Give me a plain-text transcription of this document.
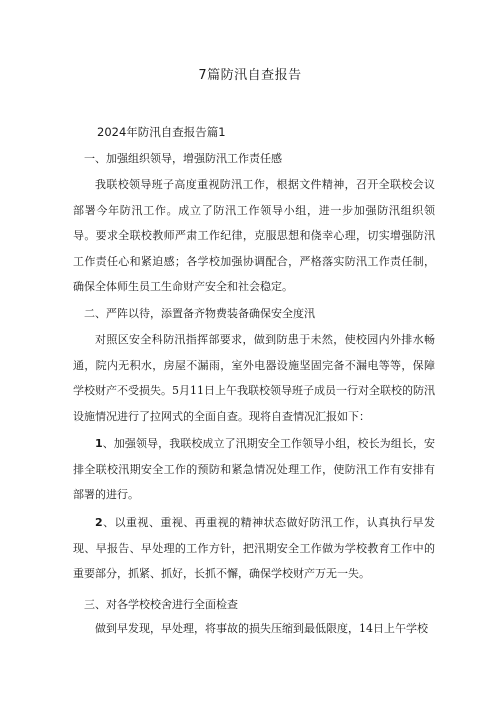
7篇防汛自查报告
2024年防汛自查报告篇1
一、加强组织领导，增强防汛工作责任感

我联校领导班子高度重视防汛工作，根据文件精神，召开全联校会议部署今年防汛工作。成立了防汛工作领导小组，进一步加强防汛组织领导。要求全联校教师严肃工作纪律，克服思想和侥幸心理，切实增强防汛工作责任心和紧迫感；各学校加强协调配合，严格落实防汛工作责任制，确保全体师生员工生命财产安全和社会稳定。

二、严阵以待，添置备齐物费装备确保安全度汛

对照区安全科防汛指挥部要求，做到防患于未然，使校园内外排水畅通，院内无积水，房屋不漏雨，室外电器设施坚固完备不漏电等等，保障学校财产不受损失。5月11日上午我联校领导班子成员一行对全联校的防汛设施情况进行了拉网式的全面自查。现将自查情况汇报如下：

1、加强领导，我联校成立了汛期安全工作领导小组，校长为组长，安排全联校汛期安全工作的预防和紧急情况处理工作，使防汛工作有安排有部署的进行。

2、以重视、重视、再重视的精神状态做好防汛工作，认真执行早发现、早报告、早处理的工作方针，把汛期安全工作做为学校教育工作中的重要部分，抓紧、抓好，长抓不懈，确保学校财产万无一失。

三、对各学校校舍进行全面检查

做到早发现，早处理，将事故的损失压缩到最低限度，14日上午学校
